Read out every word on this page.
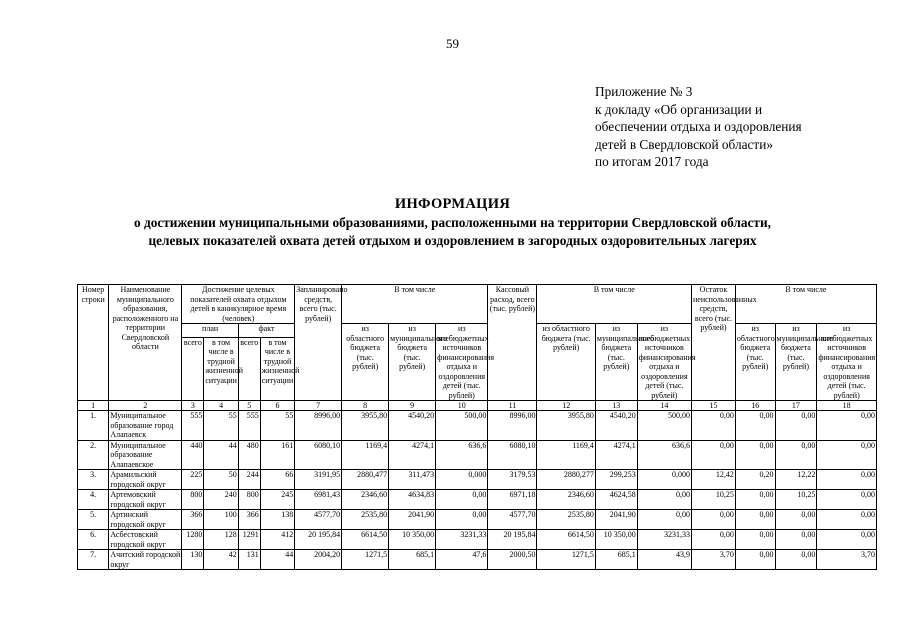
59
Приложение № 3
к докладу «Об организации и
обеспечении отдыха и оздоровления
детей в Свердловской области»
по итогам 2017 года
ИНФОРМАЦИЯ
о достижении муниципальными образованиями, расположенными на территории Свердловской области,
целевых показателей охвата детей отдыхом и оздоровлением в загородных оздоровительных лагерях
Номер строки	Наименование муниципального образования, расположенного на территории Свердловской области	Достижение целевых показателей охвата отдыхом детей в каникулярное время (человек)				Запланировано средств, всего (тыс. рублей)	В том числе			Кассовый расход, всего (тыс. рублей)	В том числе			Остаток неиспользованных средств, всего (тыс. рублей)	В том числе		
		план		факт			из областного бюджета (тыс. рублей)	из муниципального бюджета (тыс. рублей)	из внебюджетных источников финансирования отдыха и оздоровления детей (тыс. рублей)		из областного бюджета (тыс. рублей)	из муниципального бюджета (тыс. рублей)	из внебюджетных источников финансирования отдыха и оздоровления детей (тыс. рублей)		из областного бюджета (тыс. рублей)	из муниципального бюджета (тыс. рублей)	из внебюджетных источников финансирования отдыха и оздоровления детей (тыс. рублей)
		всего	в том числе в трудной жизненной ситуации	всего	в том числе в трудной жизненной ситуации												
1	2	3	4	5	6	7	8	9	10	11	12	13	14	15	16	17	18
1.	Муниципальное образование город Алапаевск	555	55	555	55	8996,00	3955,80	4540,20	500,00	8996,00	3955,80	4540,20	500,00	0,00	0,00	0,00	0,00
2.	Муниципальное образование Алапаевское	440	44	480	161	6080,10	1169,4	4274,1	636,6	6080,10	1169,4	4274,1	636,6	0,00	0,00	0,00	0,00
3.	Арамильский городской округ	225	50	244	66	3191,95	2880,477	311,473	0,000	3179,53	2880,277	299,253	0,000	12,42	0,20	12,22	0,00
4.	Артемовский городской округ	800	240	800	245	6981,43	2346,60	4634,83	0,00	6971,18	2346,60	4624,58	0,00	10,25	0,00	10,25	0,00
5.	Артинский городской округ	366	100	366	138	4577,70	2535,80	2041,90	0,00	4577,70	2535,80	2041,90	0,00	0,00	0,00	0,00	0,00
6.	Асбестовский городской округ	1280	128	1291	412	20 195,84	6614,50	10 350,00	3231,33	20 195,84	6614,50	10 350,00	3231,33	0,00	0,00	0,00	0,00
7.	Ачитский городской округ	130	42	131	44	2004,20	1271,5	685,1	47,6	2000,50	1271,5	685,1	43,9	3,70	0,00	0,00	3,70
